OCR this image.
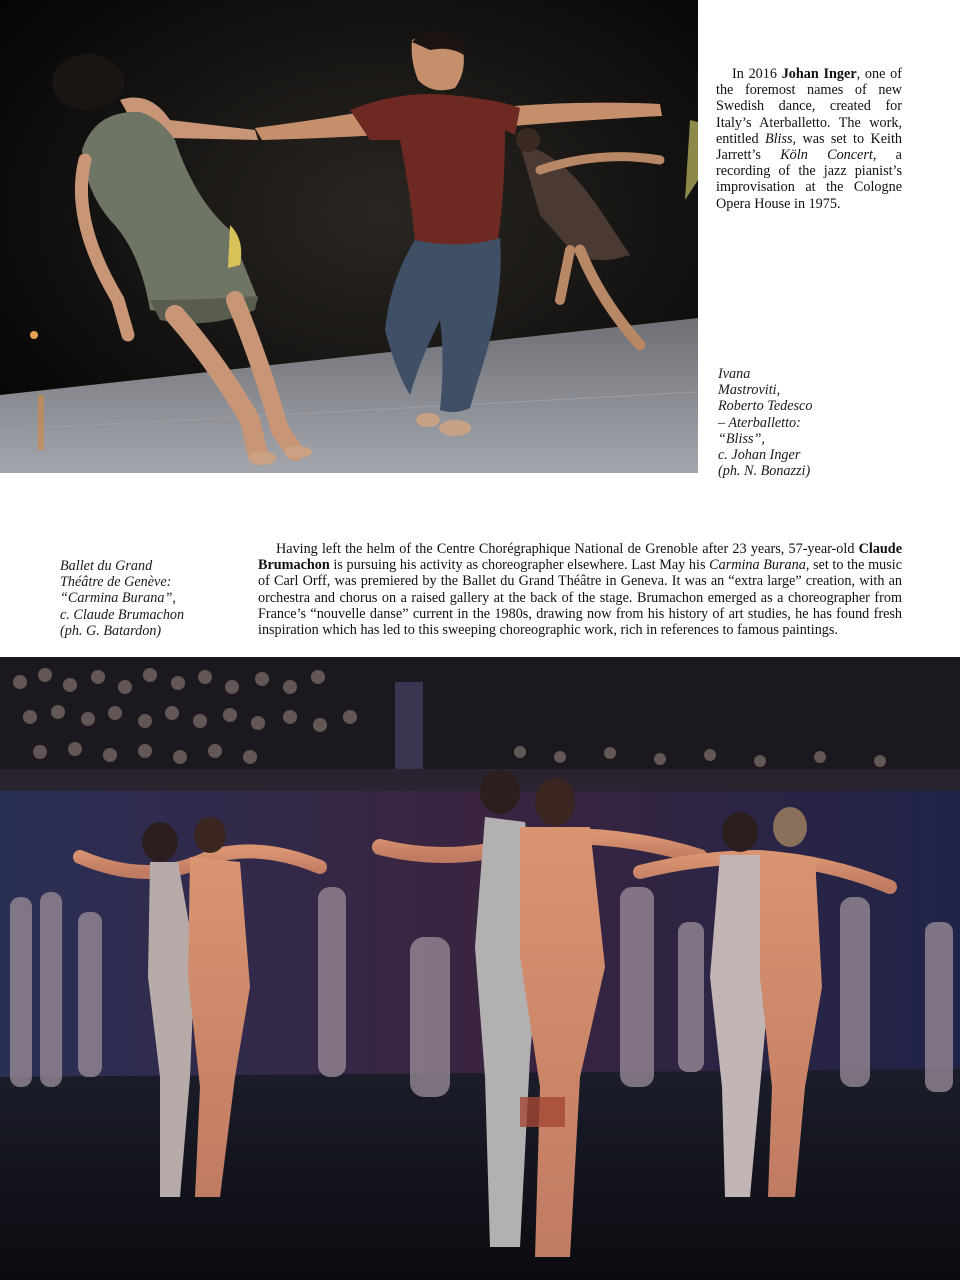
In 2016 Johan Inger, one of the foremost names of new Swedish dance, created for Italy’s Aterballetto. The work, entitled Bliss, was set to Keith Jarrett’s Köln Concert, a recording of the jazz pianist’s improvisation at the Cologne Opera House in 1975.

Ivana
Mastroviti,
Roberto Tedesco
– Aterballetto:
“Bliss”,
c. Johan Inger
(ph. N. Bonazzi)

Ballet du Grand
Théâtre de Genève:
“Carmina Burana”,
c. Claude Brumachon
(ph. G. Batardon)

Having left the helm of the Centre Chorégraphique National de Grenoble after 23 years, 57-year-old Claude Brumachon is pursuing his activity as choreographer elsewhere. Last May his Carmina Burana, set to the music of Carl Orff, was premiered by the Ballet du Grand Théâtre in Geneva. It was an “extra large” creation, with an orchestra and chorus on a raised gallery at the back of the stage. Brumachon emerged as a choreographer from France’s “nouvelle danse” current in the 1980s, drawing now from his history of art studies, he has found fresh inspiration which has led to this sweeping choreographic work, rich in references to famous paintings.
